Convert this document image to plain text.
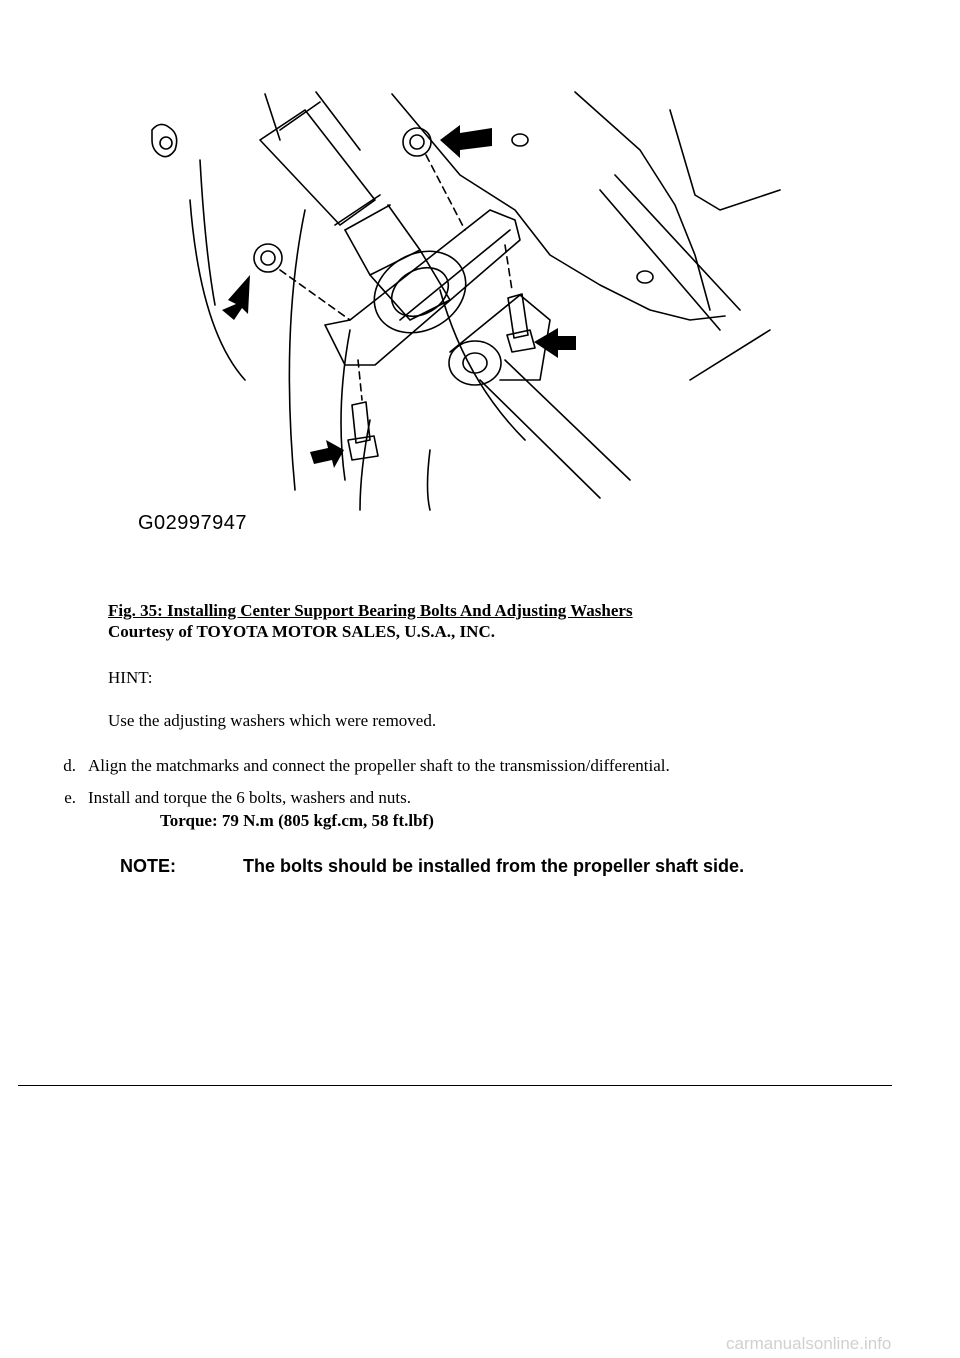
G02997947
Fig. 35: Installing Center Support Bearing Bolts And Adjusting Washers
Courtesy of TOYOTA MOTOR SALES, U.S.A., INC.
HINT:
Use the adjusting washers which were removed.
d. Align the matchmarks and connect the propeller shaft to the transmission/differential.
e. Install and torque the 6 bolts, washers and nuts.
Torque: 79 N.m (805 kgf.cm, 58 ft.lbf)
NOTE:	The bolts should be installed from the propeller shaft side.
carmanualsonline.info
